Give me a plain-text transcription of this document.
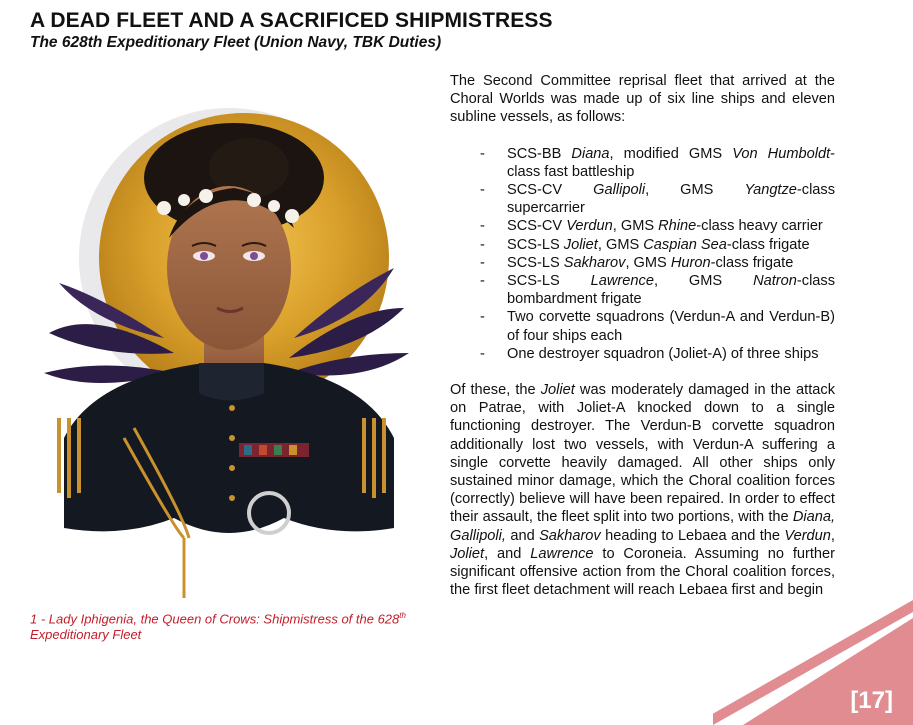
A DEAD FLEET AND A SACRIFICED SHIPMISTRESS
The 628th Expeditionary Fleet (Union Navy, TBK Duties)
1 - Lady Iphigenia, the Queen of Crows: Shipmistress of the 628th Expeditionary Fleet

The Second Committee reprisal fleet that arrived at the Choral Worlds was made up of six line ships and eleven subline vessels, as follows:

- SCS-BB Diana, modified GMS Von Humboldt-class fast battleship
- SCS-CV Gallipoli, GMS Yangtze-class supercarrier
- SCS-CV Verdun, GMS Rhine-class heavy carrier
- SCS-LS Joliet, GMS Caspian Sea-class frigate
- SCS-LS Sakharov, GMS Huron-class frigate
- SCS-LS Lawrence, GMS Natron-class bombardment frigate
- Two corvette squadrons (Verdun-A and Verdun-B) of four ships each
- One destroyer squadron (Joliet-A) of three ships

Of these, the Joliet was moderately damaged in the attack on Patrae, with Joliet-A knocked down to a single functioning destroyer. The Verdun-B corvette squadron additionally lost two vessels, with Verdun-A suffering a single corvette heavily damaged. All other ships only sustained minor damage, which the Choral coalition forces (correctly) believe will have been repaired. In order to effect their assault, the fleet split into two portions, with the Diana, Gallipoli, and Sakharov heading to Lebaea and the Verdun, Joliet, and Lawrence to Coroneia. Assuming no further significant offensive action from the Choral coalition forces, the first fleet detachment will reach Lebaea first and begin

[17]
